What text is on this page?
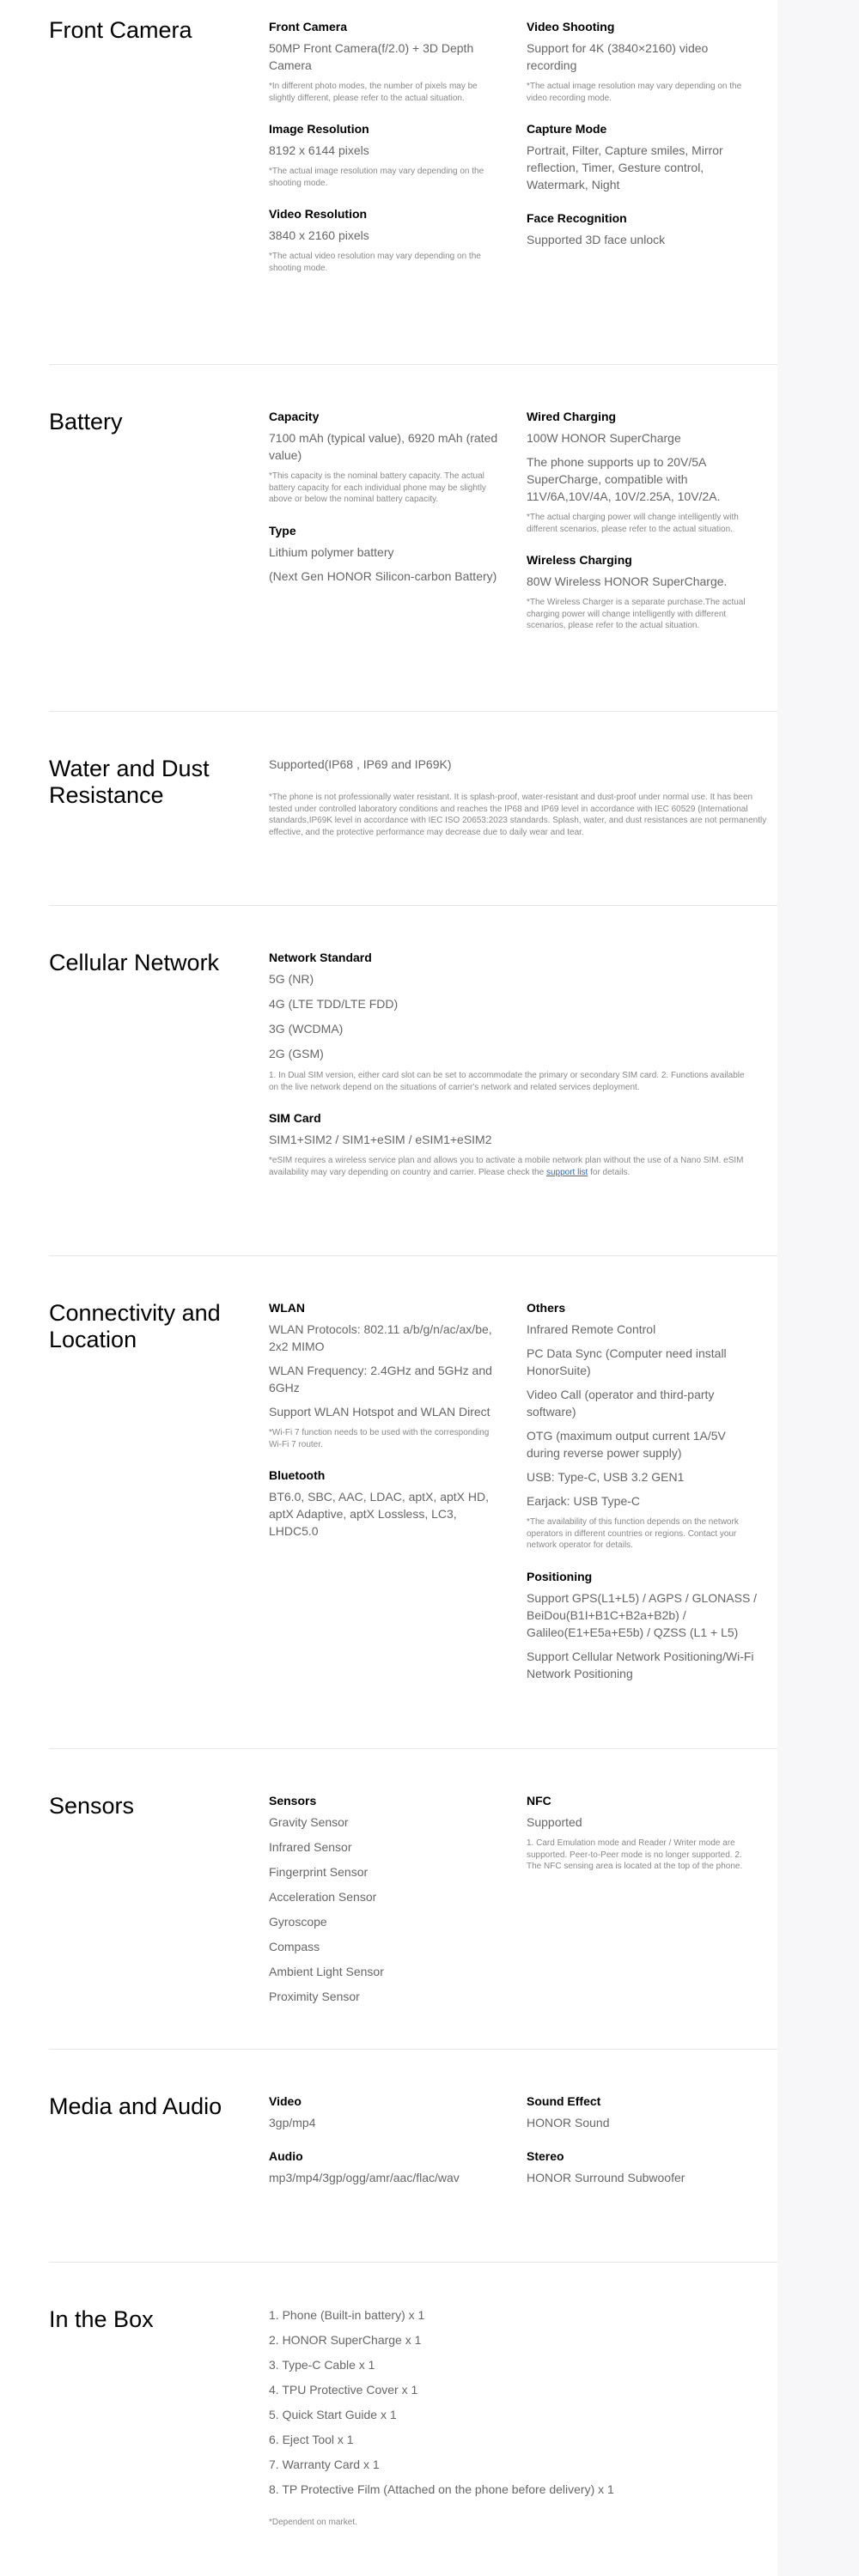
Front Camera	Front Camera
50MP Front Camera(f/2.0) + 3D Depth Camera
*In different photo modes, the number of pixels may be slightly different, please refer to the actual situation.
Image Resolution
8192 x 6144 pixels
*The actual image resolution may vary depending on the shooting mode.
Video Resolution
3840 x 2160 pixels
*The actual video resolution may vary depending on the shooting mode.
Video Shooting
Support for 4K (3840×2160) video recording
*The actual image resolution may vary depending on the video recording mode.
Capture Mode
Portrait, Filter, Capture smiles, Mirror reflection, Timer, Gesture control, Watermark, Night
Face Recognition
Supported 3D face unlock
Battery	Capacity
7100 mAh (typical value), 6920 mAh (rated value)
*This capacity is the nominal battery capacity. The actual battery capacity for each individual phone may be slightly above or below the nominal battery capacity.
Type
Lithium polymer battery
(Next Gen HONOR Silicon-carbon Battery)
Wired Charging
100W HONOR SuperCharge
The phone supports up to 20V/5A SuperCharge, compatible with 11V/6A,10V/4A, 10V/2.25A, 10V/2A.
*The actual charging power will change intelligently with different scenarios, please refer to the actual situation.
Wireless Charging
80W Wireless HONOR SuperCharge.
*The Wireless Charger is a separate purchase.The actual charging power will change intelligently with different scenarios, please refer to the actual situation.
Water and Dust Resistance
Supported(IP68 , IP69 and IP69K)
*The phone is not professionally water resistant. It is splash-proof, water-resistant and dust-proof under normal use. It has been tested under controlled laboratory conditions and reaches the IP68 and IP69 level in accordance with IEC 60529 (International standards,IP69K level in accordance with IEC ISO 20653:2023 standards. Splash, water, and dust resistances are not permanently effective, and the protective performance may decrease due to daily wear and tear.
Cellular Network	Network Standard
5G (NR)
4G (LTE TDD/LTE FDD)
3G (WCDMA)
2G (GSM)
1. In Dual SIM version, either card slot can be set to accommodate the primary or secondary SIM card. 2. Functions available on the live network depend on the situations of carrier's network and related services deployment.
SIM Card
SIM1+SIM2 / SIM1+eSIM / eSIM1+eSIM2
*eSIM requires a wireless service plan and allows you to activate a mobile network plan without the use of a Nano SIM. eSIM availability may vary depending on country and carrier. Please check the support list for details.
Connectivity and Location
WLAN
WLAN Protocols: 802.11 a/b/g/n/ac/ax/be, 2x2 MIMO
WLAN Frequency: 2.4GHz and 5GHz and 6GHz
Support WLAN Hotspot and WLAN Direct
*Wi-Fi 7 function needs to be used with the corresponding Wi-Fi 7 router.
Bluetooth
BT6.0, SBC, AAC, LDAC, aptX, aptX HD, aptX Adaptive, aptX Lossless, LC3, LHDC5.0
Others
Infrared Remote Control
PC Data Sync (Computer need install HonorSuite)
Video Call (operator and third-party software)
OTG (maximum output current 1A/5V during reverse power supply)
USB: Type-C, USB 3.2 GEN1
Earjack: USB Type-C
*The availability of this function depends on the network operators in different countries or regions. Contact your network operator for details.
Positioning
Support GPS(L1+L5) / AGPS / GLONASS / BeiDou(B1I+B1C+B2a+B2b) / Galileo(E1+E5a+E5b) / QZSS (L1 + L5)
Support Cellular Network Positioning/Wi-Fi Network Positioning
Sensors	Sensors
Gravity Sensor
Infrared Sensor
Fingerprint Sensor
Acceleration Sensor
Gyroscope
Compass
Ambient Light Sensor
Proximity Sensor
NFC
Supported
1. Card Emulation mode and Reader / Writer mode are supported. Peer-to-Peer mode is no longer supported. 2. The NFC sensing area is located at the top of the phone.
Media and Audio	Video
3gp/mp4
Audio
mp3/mp4/3gp/ogg/amr/aac/flac/wav
Sound Effect
HONOR Sound
Stereo
HONOR Surround Subwoofer
In the Box	1. Phone (Built-in battery) x 1
2. HONOR SuperCharge x 1
3. Type-C Cable x 1
4. TPU Protective Cover x 1
5. Quick Start Guide x 1
6. Eject Tool x 1
7. Warranty Card x 1
8. TP Protective Film (Attached on the phone before delivery) x 1
*Dependent on market.
